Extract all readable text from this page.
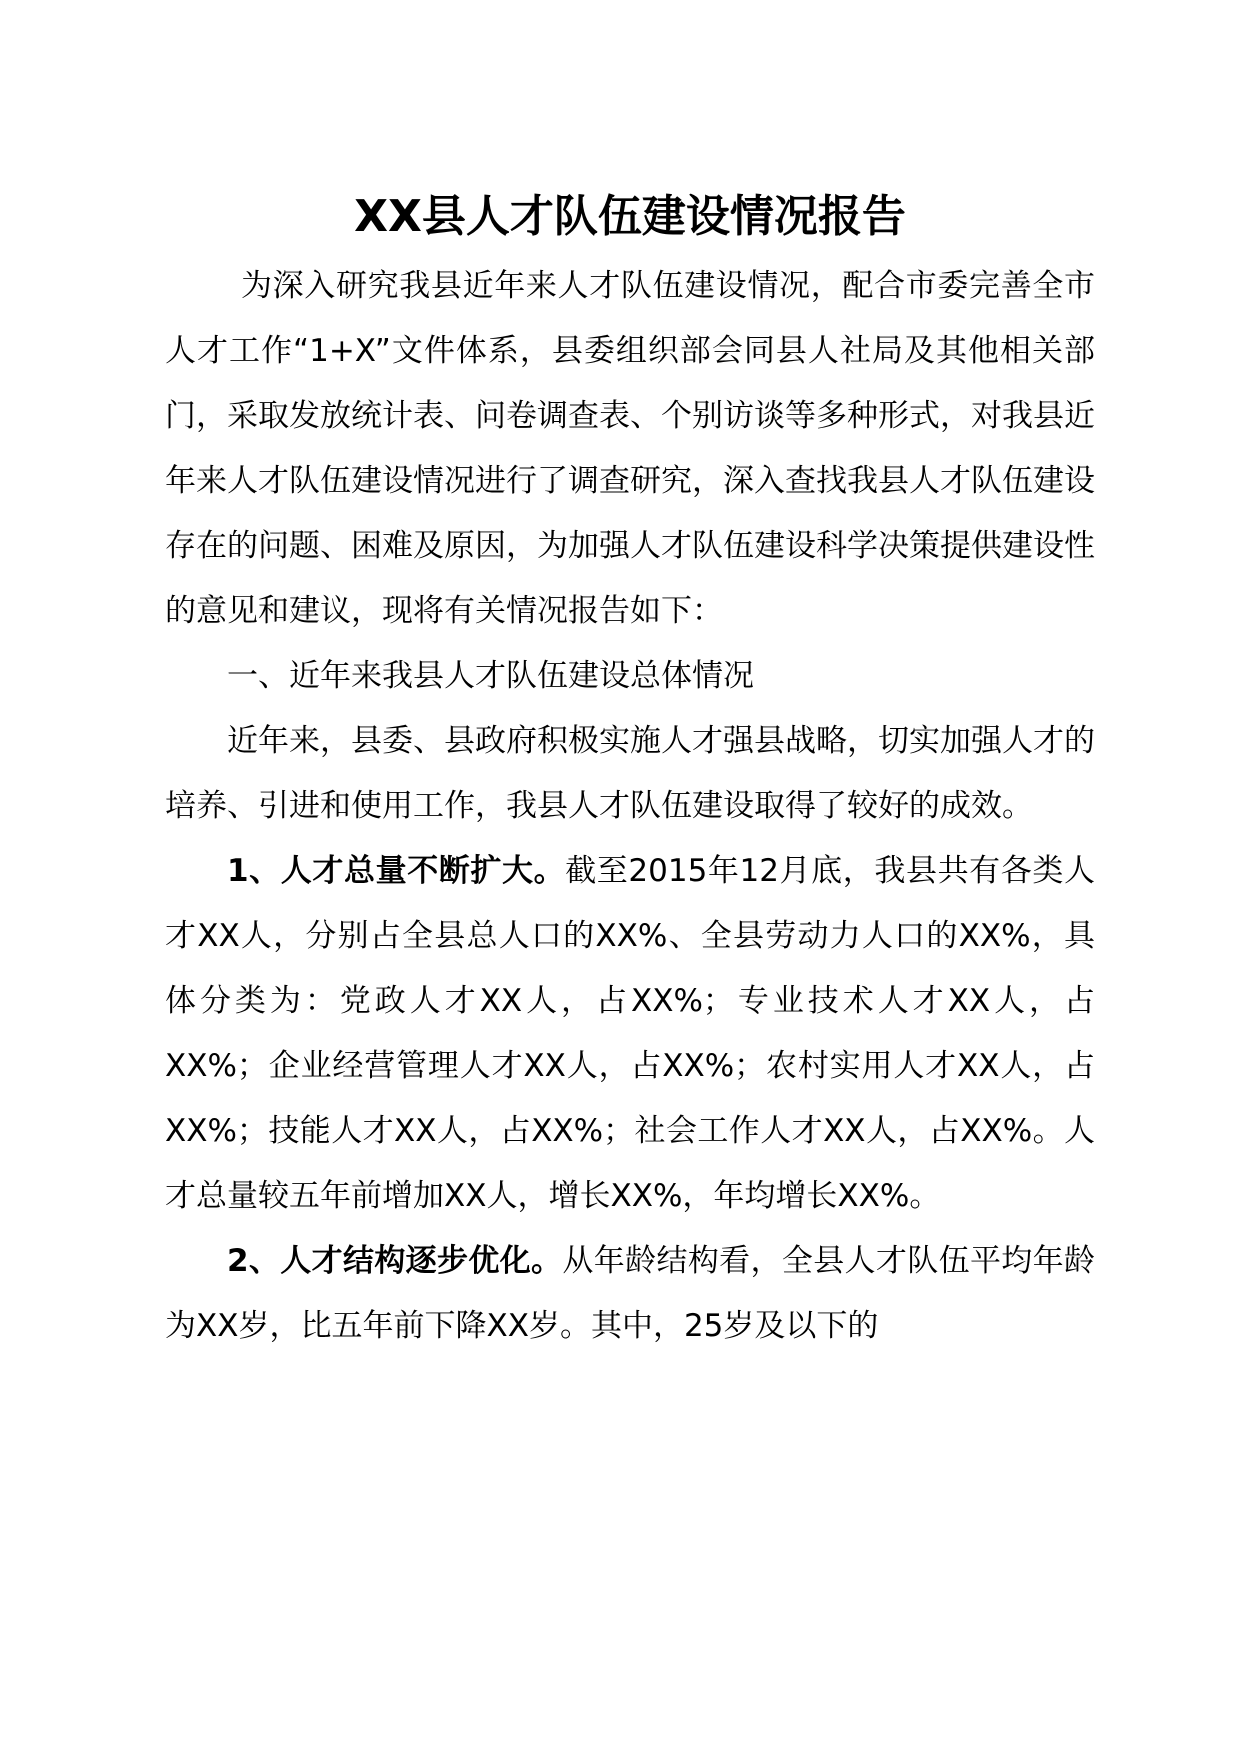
XX县人才队伍建设情况报告

为深入研究我县近年来人才队伍建设情况，配合市委完善全市人才工作“1+X”文件体系，县委组织部会同县人社局及其他相关部门，采取发放统计表、问卷调查表、个别访谈等多种形式，对我县近年来人才队伍建设情况进行了调查研究，深入查找我县人才队伍建设存在的问题、困难及原因，为加强人才队伍建设科学决策提供建设性的意见和建议，现将有关情况报告如下：

一、近年来我县人才队伍建设总体情况

近年来，县委、县政府积极实施人才强县战略，切实加强人才的培养、引进和使用工作，我县人才队伍建设取得了较好的成效。

1、人才总量不断扩大。截至2015年12月底，我县共有各类人才XX人，分别占全县总人口的XX%、全县劳动力人口的XX%，具体分类为：党政人才XX人，占XX%；专业技术人才XX人，占XX%；企业经营管理人才XX人，占XX%；农村实用人才XX人，占XX%；技能人才XX人，占XX%；社会工作人才XX人，占XX%。人才总量较五年前增加XX人，增长XX%，年均增长XX%。

2、人才结构逐步优化。从年龄结构看，全县人才队伍平均年龄为XX岁，比五年前下降XX岁。其中，25岁及以下的
